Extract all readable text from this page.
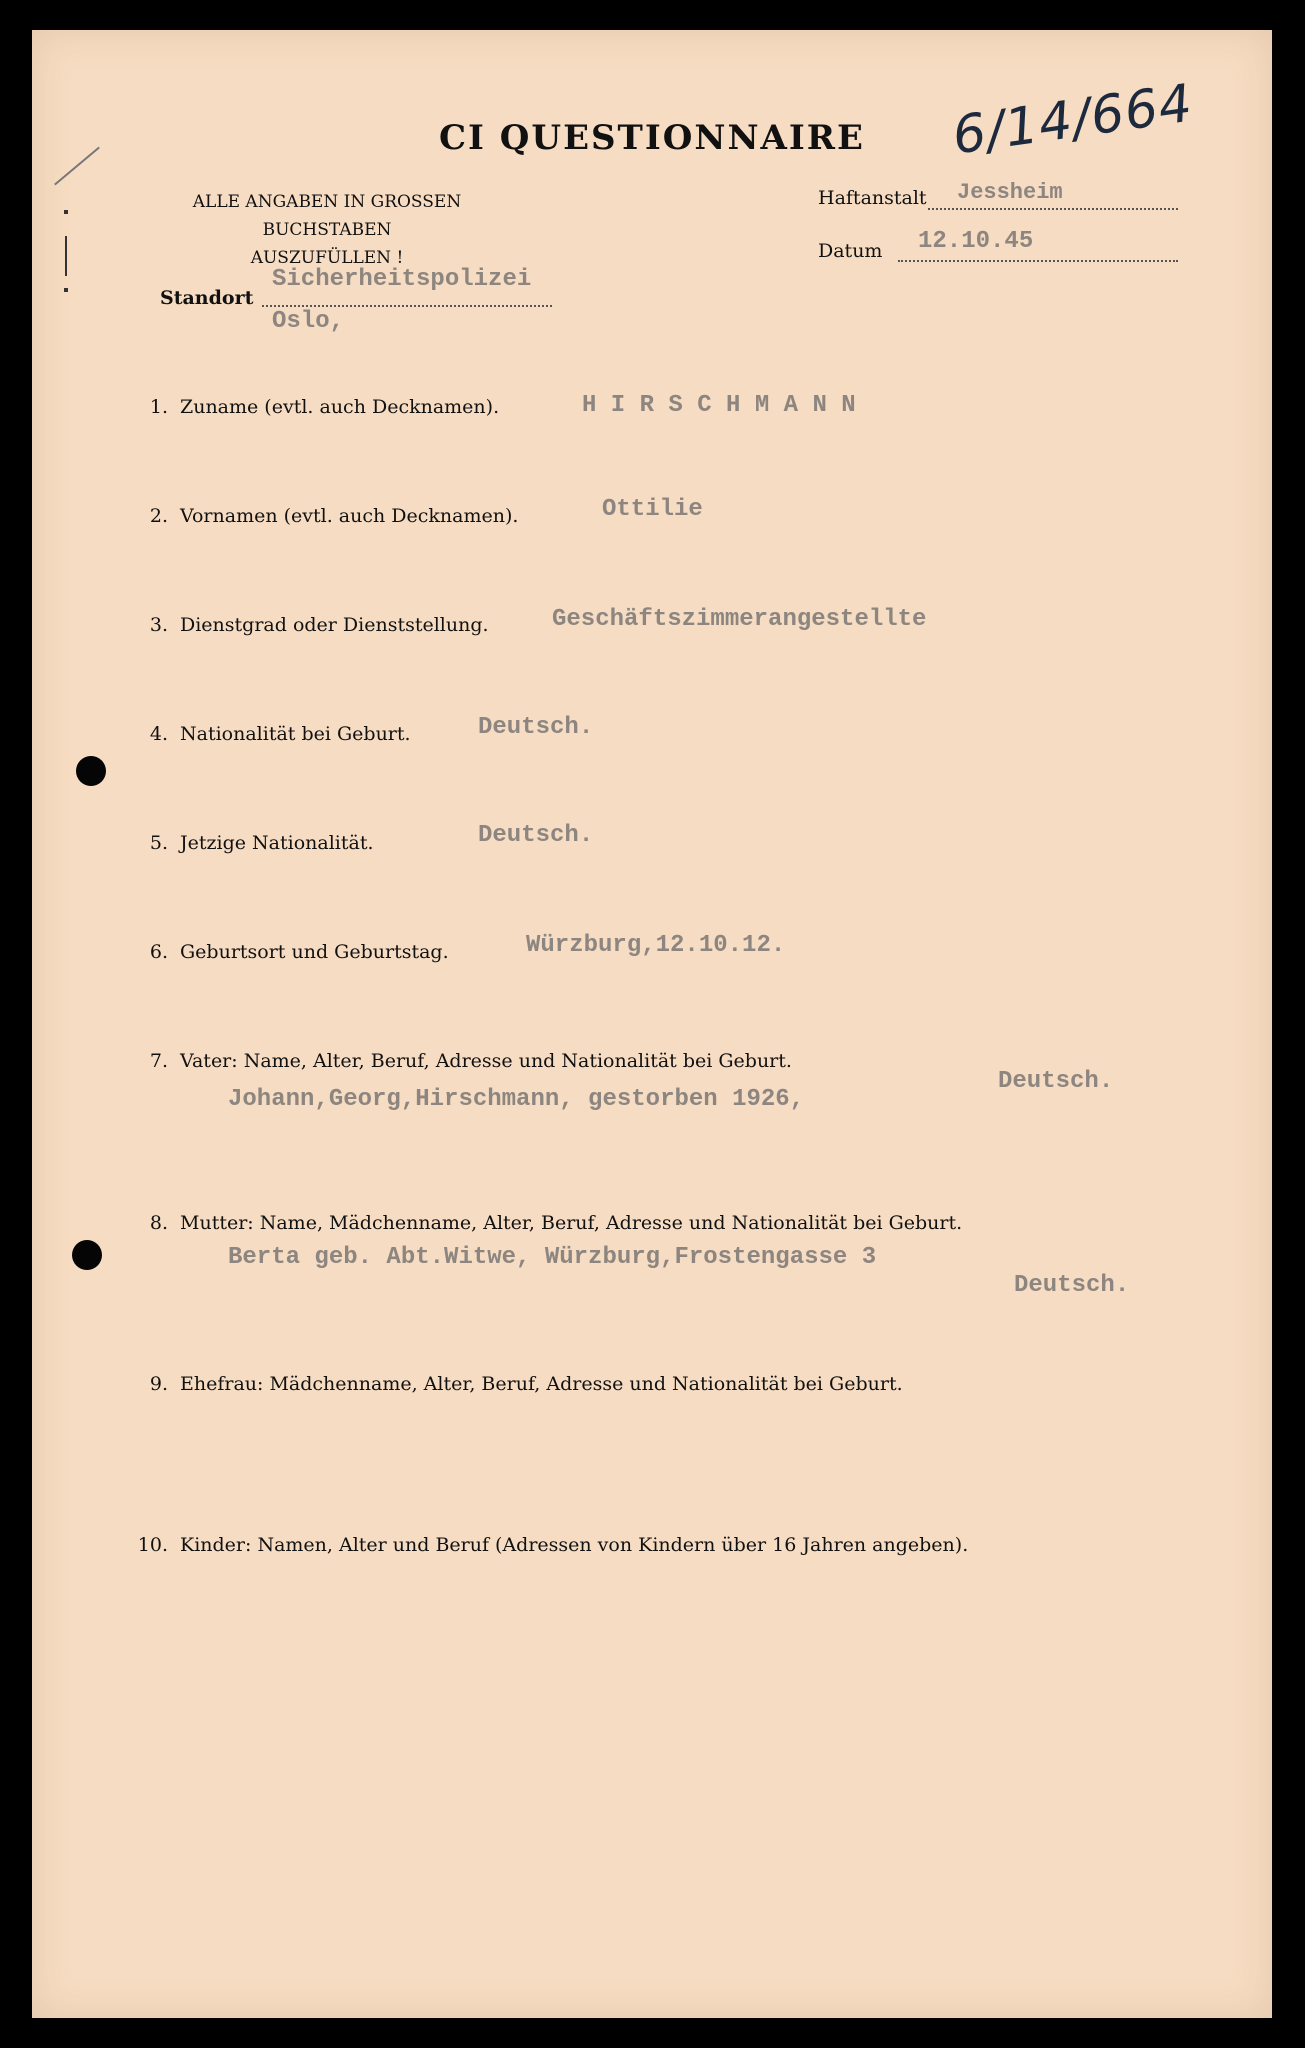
CI QUESTIONNAIRE	6/14/664
ALLE ANGABEN IN GROSSEN BUCHSTABEN
AUSZUFÜLLEN !
Haftanstalt Jessheim
Datum 12.10.45
Standort
Sicherheitspolizei
Oslo,
1. Zuname (evtl. auch Decknamen).	H I R S C H M A N N
2. Vornamen (evtl. auch Decknamen).	Ottilie
3. Dienstgrad oder Dienststellung.	Geschäftszimmerangestellte
4. Nationalität bei Geburt.	Deutsch.
5. Jetzige Nationalität.	Deutsch.
6. Geburtsort und Geburtstag.	Würzburg,12.10.12.
7. Vater: Name, Alter, Beruf, Adresse und Nationalität bei Geburt.
Johann,Georg,Hirschmann, gestorben 1926,
Deutsch.
8. Mutter: Name, Mädchenname, Alter, Beruf, Adresse und Nationalität bei Geburt.
Berta geb. Abt.Witwe, Würzburg,Frostengasse 3
Deutsch.
9. Ehefrau: Mädchenname, Alter, Beruf, Adresse und Nationalität bei Geburt.
10. Kinder: Namen, Alter und Beruf (Adressen von Kindern über 16 Jahren angeben).
